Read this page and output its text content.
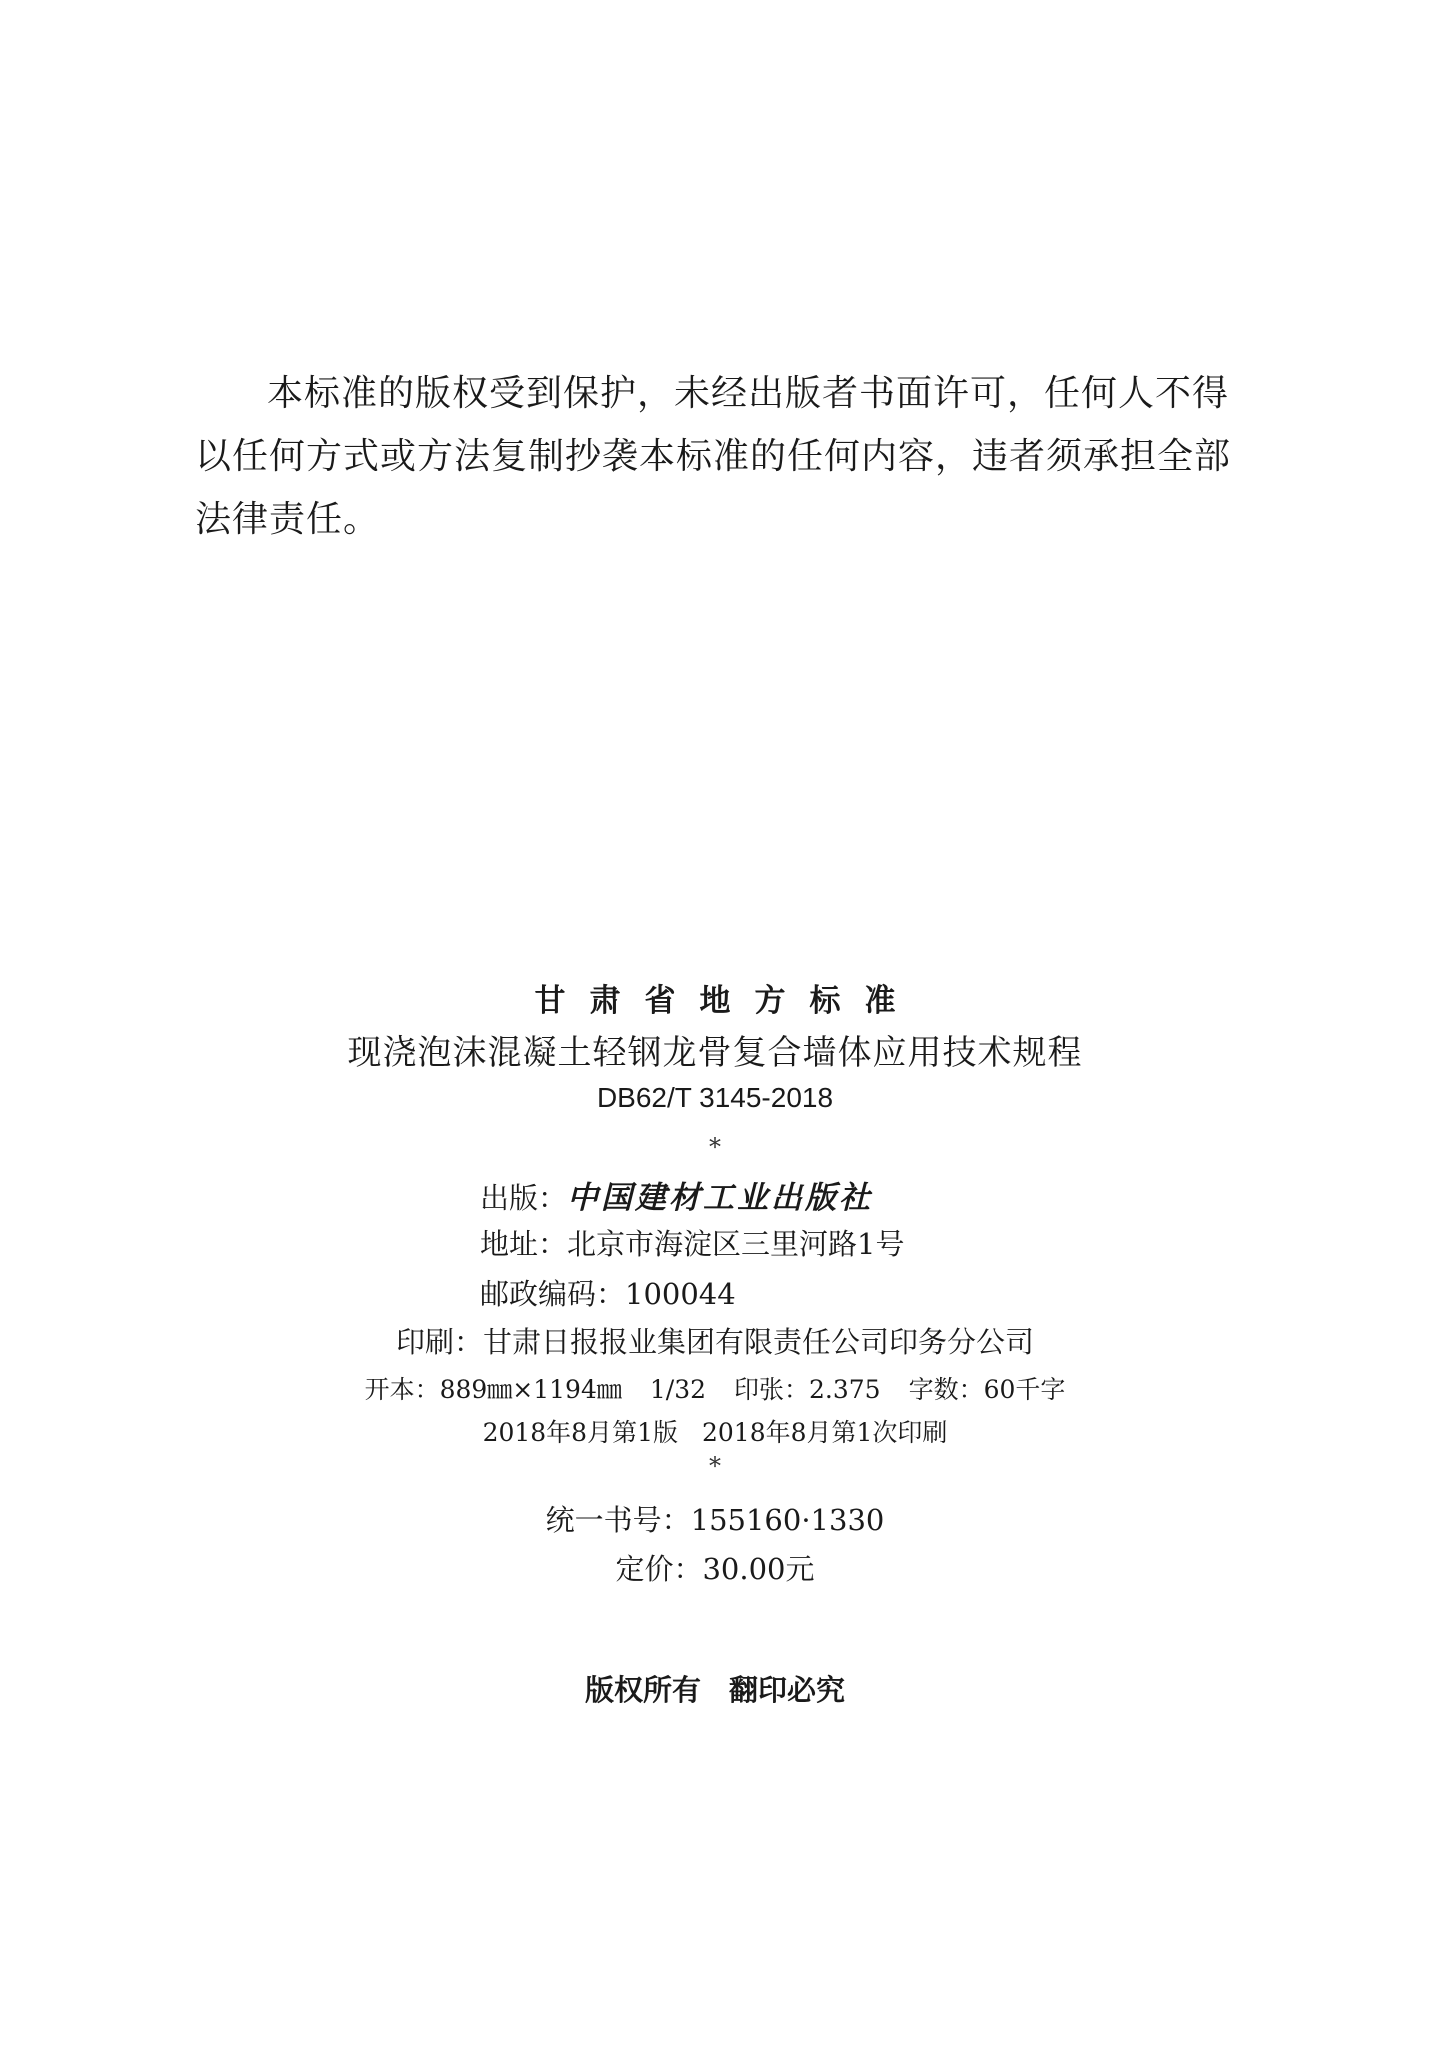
本标准的版权受到保护，未经出版者书面许可，任何人不得以任何方式或方法复制抄袭本标准的任何内容，违者须承担全部法律责任。

甘肃省地方标准
现浇泡沫混凝土轻钢龙骨复合墙体应用技术规程
DB62/T 3145-2018
*
出版：中国建材工业出版社
地址：北京市海淀区三里河路1号
邮政编码：100044
印刷：甘肃日报报业集团有限责任公司印务分公司
开本：889㎜×1194㎜ 1/32 印张：2.375 字数：60千字
2018年8月第1版 2018年8月第1次印刷
*
统一书号：155160·1330
定价：30.00元
版权所有 翻印必究
